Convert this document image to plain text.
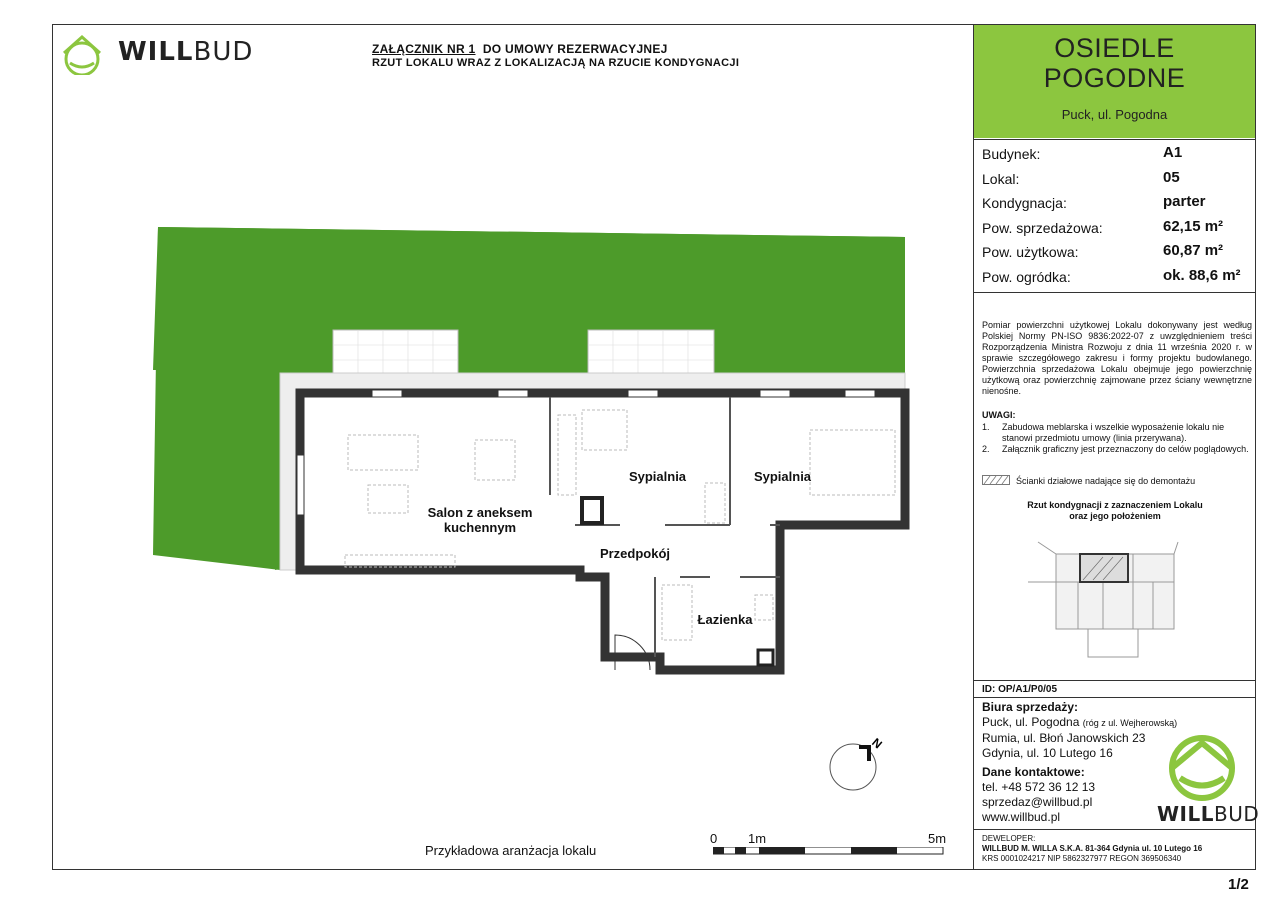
WILLBUD	ZAŁĄCZNIK NR 1 DO UMOWY REZERWACYJNEJ
RZUT LOKALU WRAZ Z LOKALIZACJĄ NA RZUCIE KONDYGNACJI
Salon z aneksem
kuchennym
Sypialnia	Sypialnia
Przedpokój
Łazienka
N
0 1m	5m
Przykładowa aranżacja lokalu
OSIEDLE
POGODNE
Puck, ul. Pogodna
Budynek:	A1
Lokal:	05
Kondygnacja:	parter
Pow. sprzedażowa:	62,15 m²
Pow. użytkowa:	60,87 m²
Pow. ogródka:	ok. 88,6 m²
Pomiar powierzchni użytkowej Lokalu dokonywany jest według Polskiej Normy PN-ISO 9836:2022-07 z uwzględnieniem treści Rozporządzenia Ministra Rozwoju z dnia 11 września 2020 r. w sprawie szczegółowego zakresu i formy projektu budowlanego. Powierzchnia sprzedażowa Lokalu obejmuje jego powierzchnię użytkową oraz powierzchnię zajmowane przez ściany wewnętrzne nienośne.
UWAGI:
1.	Zabudowa meblarska i wszelkie wyposażenie lokalu nie stanowi przedmiotu umowy (linia przerywana).
2.	Załącznik graficzny jest przeznaczony do celów poglądowych.
Ścianki działowe nadające się do demontażu
Rzut kondygnacji z zaznaczeniem Lokalu
oraz jego położeniem
ID: OP/A1/P0/05
Biura sprzedaży:
Puck, ul. Pogodna (róg z ul. Wejherowską)
Rumia, ul. Błoń Janowskich 23
Gdynia, ul. 10 Lutego 16
Dane kontaktowe:
tel. +48 572 36 12 13
sprzedaz@willbud.pl
www.willbud.pl	WILLBUD
DEWELOPER:
WILLBUD M. WILLA S.K.A. 81-364 Gdynia ul. 10 Lutego 16
KRS 0001024217 NIP 5862327977 REGON 369506340
1/2
